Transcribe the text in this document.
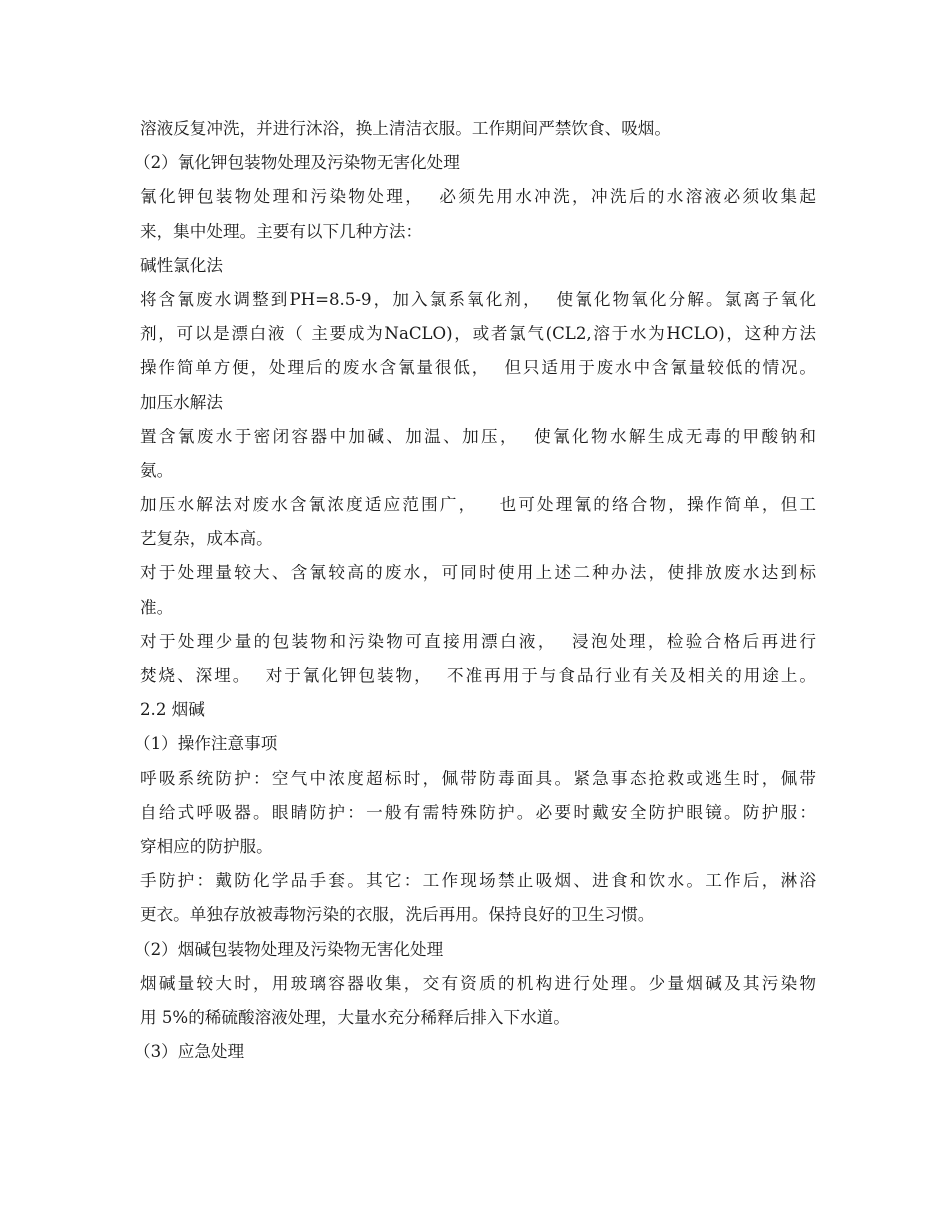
溶液反复冲洗，并进行沐浴，换上清洁衣服。工作期间严禁饮食、吸烟。
（2）氰化钾包装物处理及污染物无害化处理
氰化钾包装物处理和污染物处理，  必须先用水冲洗，冲洗后的水溶液必须收集起
来，集中处理。主要有以下几种方法：
碱性氯化法
将含氰废水调整到PH=8.5-9，加入氯系氧化剂，  使氰化物氧化分解。氯离子氧化
剂，可以是漂白液（ 主要成为NaCLO)，或者氯气(CL2,溶于水为HCLO)，这种方法
操作简单方便，处理后的废水含氰量很低，  但只适用于废水中含氰量较低的情况。
加压水解法
置含氰废水于密闭容器中加碱、加温、加压，  使氰化物水解生成无毒的甲酸钠和
氨。
加压水解法对废水含氰浓度适应范围广，   也可处理氰的络合物，操作简单，但工
艺复杂，成本高。
对于处理量较大、含氰较高的废水，可同时使用上述二种办法，使排放废水达到标
准。
对于处理少量的包装物和污染物可直接用漂白液，  浸泡处理，检验合格后再进行
焚烧、深埋。  对于氰化钾包装物，  不准再用于与食品行业有关及相关的用途上。
2.2 烟碱
（1）操作注意事项
呼吸系统防护：空气中浓度超标时，佩带防毒面具。紧急事态抢救或逃生时，佩带
自给式呼吸器。眼睛防护：一般有需特殊防护。必要时戴安全防护眼镜。防护服：
穿相应的防护服。
手防护：戴防化学品手套。其它：工作现场禁止吸烟、进食和饮水。工作后，淋浴
更衣。单独存放被毒物污染的衣服，洗后再用。保持良好的卫生习惯。
（2）烟碱包装物处理及污染物无害化处理
烟碱量较大时，用玻璃容器收集，交有资质的机构进行处理。少量烟碱及其污染物
用 5%的稀硫酸溶液处理，大量水充分稀释后排入下水道。
（3）应急处理
